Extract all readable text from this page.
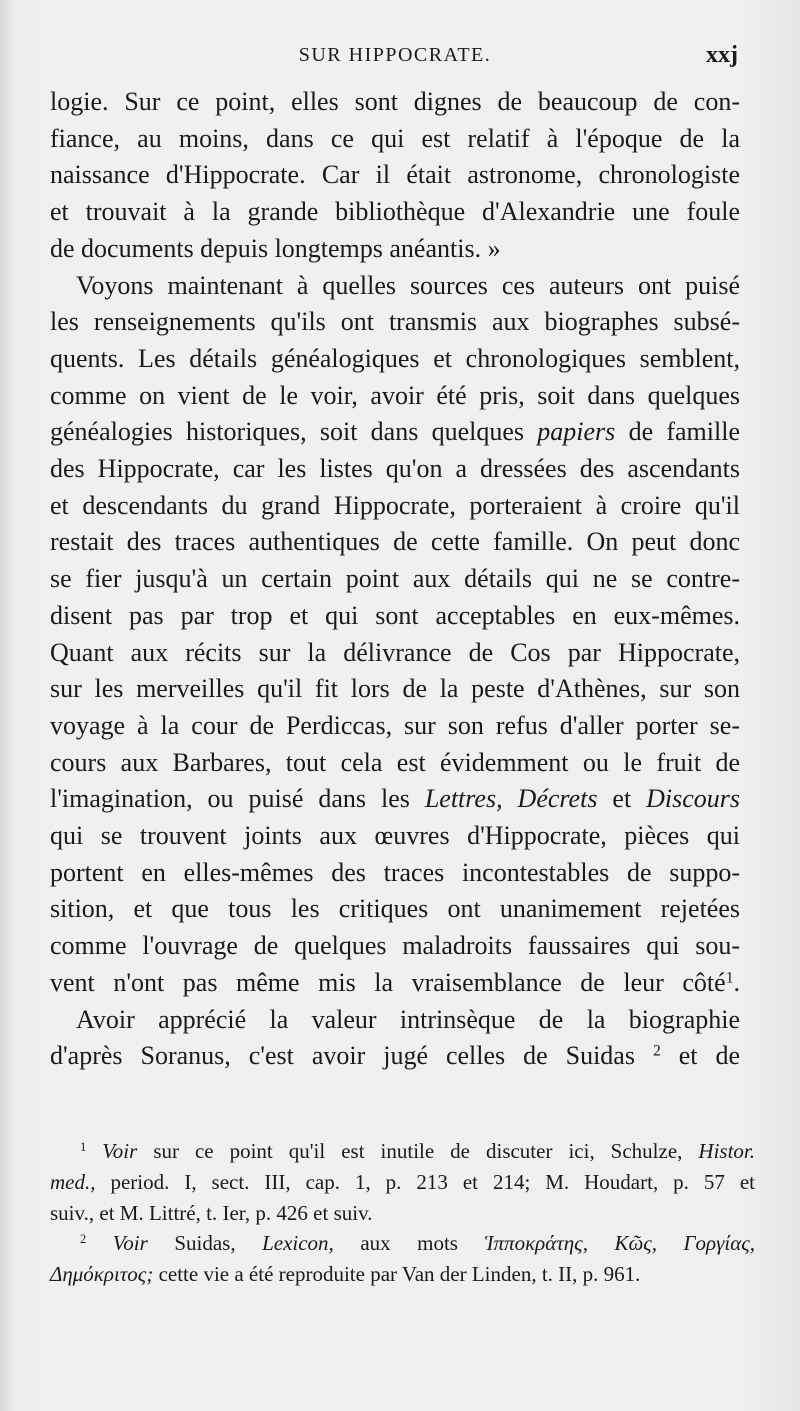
SUR HIPPOCRATE.	xxj
logie. Sur ce point, elles sont dignes de beaucoup de con-
fiance, au moins, dans ce qui est relatif à l'époque de la
naissance d'Hippocrate. Car il était astronome, chronologiste
et trouvait à la grande bibliothèque d'Alexandrie une foule
de documents depuis longtemps anéantis. »
Voyons maintenant à quelles sources ces auteurs ont puisé
les renseignements qu'ils ont transmis aux biographes subsé-
quents. Les détails généalogiques et chronologiques semblent,
comme on vient de le voir, avoir été pris, soit dans quelques
généalogies historiques, soit dans quelques papiers de famille
des Hippocrate, car les listes qu'on a dressées des ascendants
et descendants du grand Hippocrate, porteraient à croire qu'il
restait des traces authentiques de cette famille. On peut donc
se fier jusqu'à un certain point aux détails qui ne se contre-
disent pas par trop et qui sont acceptables en eux-mêmes.
Quant aux récits sur la délivrance de Cos par Hippocrate,
sur les merveilles qu'il fit lors de la peste d'Athènes, sur son
voyage à la cour de Perdiccas, sur son refus d'aller porter se-
cours aux Barbares, tout cela est évidemment ou le fruit de
l'imagination, ou puisé dans les Lettres, Décrets et Discours
qui se trouvent joints aux œuvres d'Hippocrate, pièces qui
portent en elles-mêmes des traces incontestables de suppo-
sition, et que tous les critiques ont unanimement rejetées
comme l'ouvrage de quelques maladroits faussaires qui sou-
vent n'ont pas même mis la vraisemblance de leur côté$^1$.
Avoir apprécié la valeur intrinsèque de la biographie
d'après Soranus, c'est avoir jugé celles de Suidas $^2$ et de
$^1$ Voir sur ce point qu'il est inutile de discuter ici, Schulze, Histor.
med., period. I, sect. III, cap. 1, p. 213 et 214; M. Houdart, p. 57 et
suiv., et M. Littré, t. Ier, p. 426 et suiv.
$^2$ Voir Suidas, Lexicon, aux mots Ἱπποκράτης, Κῶς, Γοργίας,
Δημόκριτος; cette vie a été reproduite par Van der Linden, t. II, p. 961.
